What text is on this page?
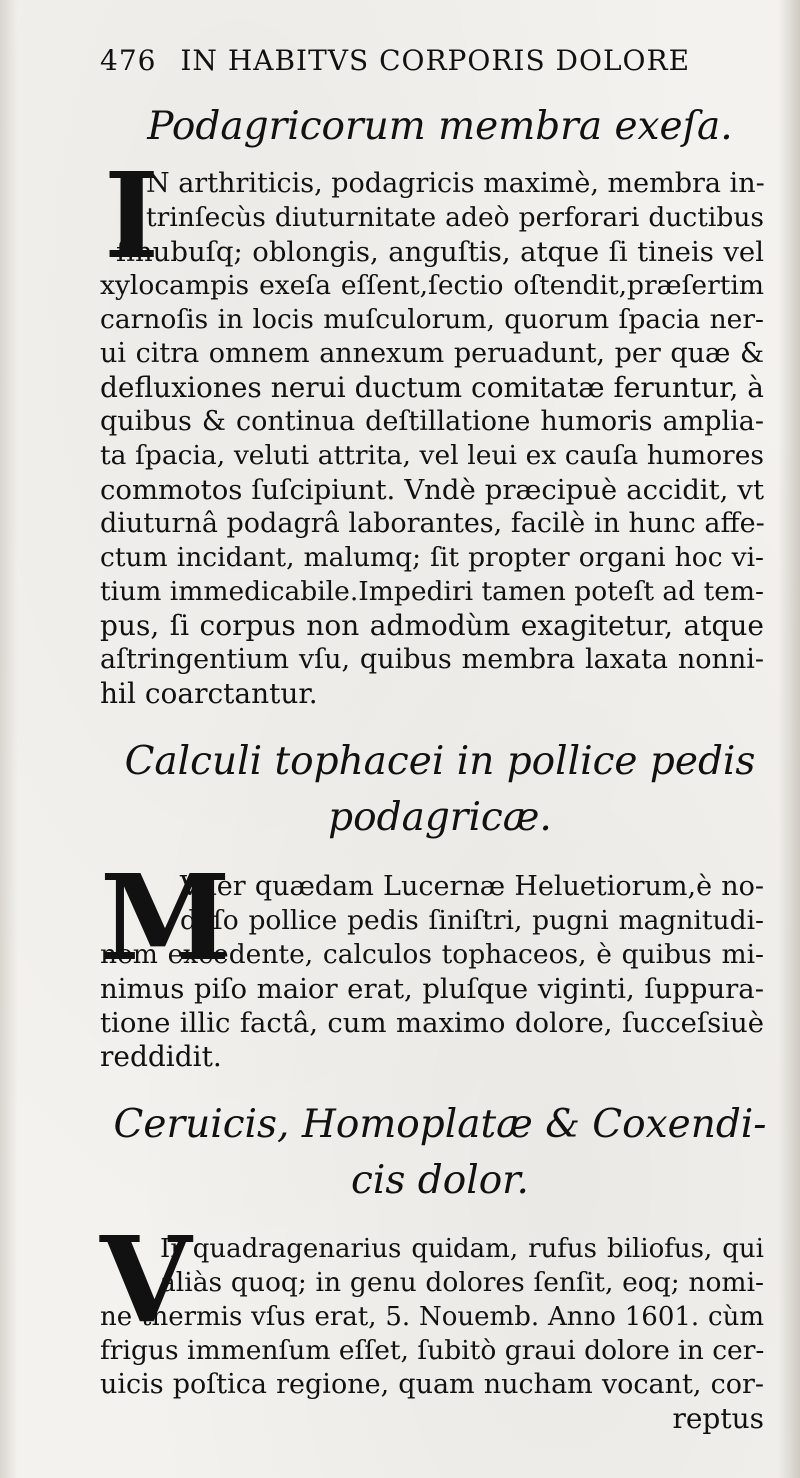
476 IN HABITVS CORPORIS DOLORE
Podagricorum membra exeſa.
I
N arthriticis, podagricis maximè, membra in-
trinſecùs diuturnitate adeò perforari ductibus
ſinubuſq; oblongis, anguſtis, atque ſi tineis vel
xylocampis exeſa eſſent,ſectio oſtendit,præſertim
carnoſis in locis muſculorum, quorum ſpacia ner-
ui citra omnem annexum peruadunt, per quæ &
defluxiones nerui ductum comitatæ feruntur, à
quibus & continua deſtillatione humoris amplia-
ta ſpacia, veluti attrita, vel leui ex cauſa humores
commotos ſuſcipiunt. Vndè præcipuè accidit, vt
diuturnâ podagrâ laborantes, facilè in hunc affe-
ctum incidant, malumq; ſit propter organi hoc vi-
tium immedicabile.Impediri tamen poteſt ad tem-
pus, ſi corpus non admodùm exagitetur, atque
aſtringentium vſu, quibus membra laxata nonni-
hil coarctantur.
Calculi tophacei in pollice pedis
podagricæ.
M
Vlier quædam Lucernæ Heluetiorum,è no-
doſo pollice pedis ſiniſtri, pugni magnitudi-
nem excedente, calculos tophaceos, è quibus mi-
nimus piſo maior erat, pluſque viginti, ſuppura-
tione illic factâ, cum maximo dolore, ſucceſsiuè
reddidit.
Ceruicis, Homoplatæ & Coxendi-
cis dolor.
V
Ir quadragenarius quidam, rufus biliofus, qui
aliàs quoq; in genu dolores ſenſit, eoq; nomi-
ne thermis vſus erat, 5. Nouemb. Anno 1601. cùm
frigus immenſum eſſet, ſubitò graui dolore in cer-
uicis poſtica regione, quam nucham vocant, cor-
reptus
